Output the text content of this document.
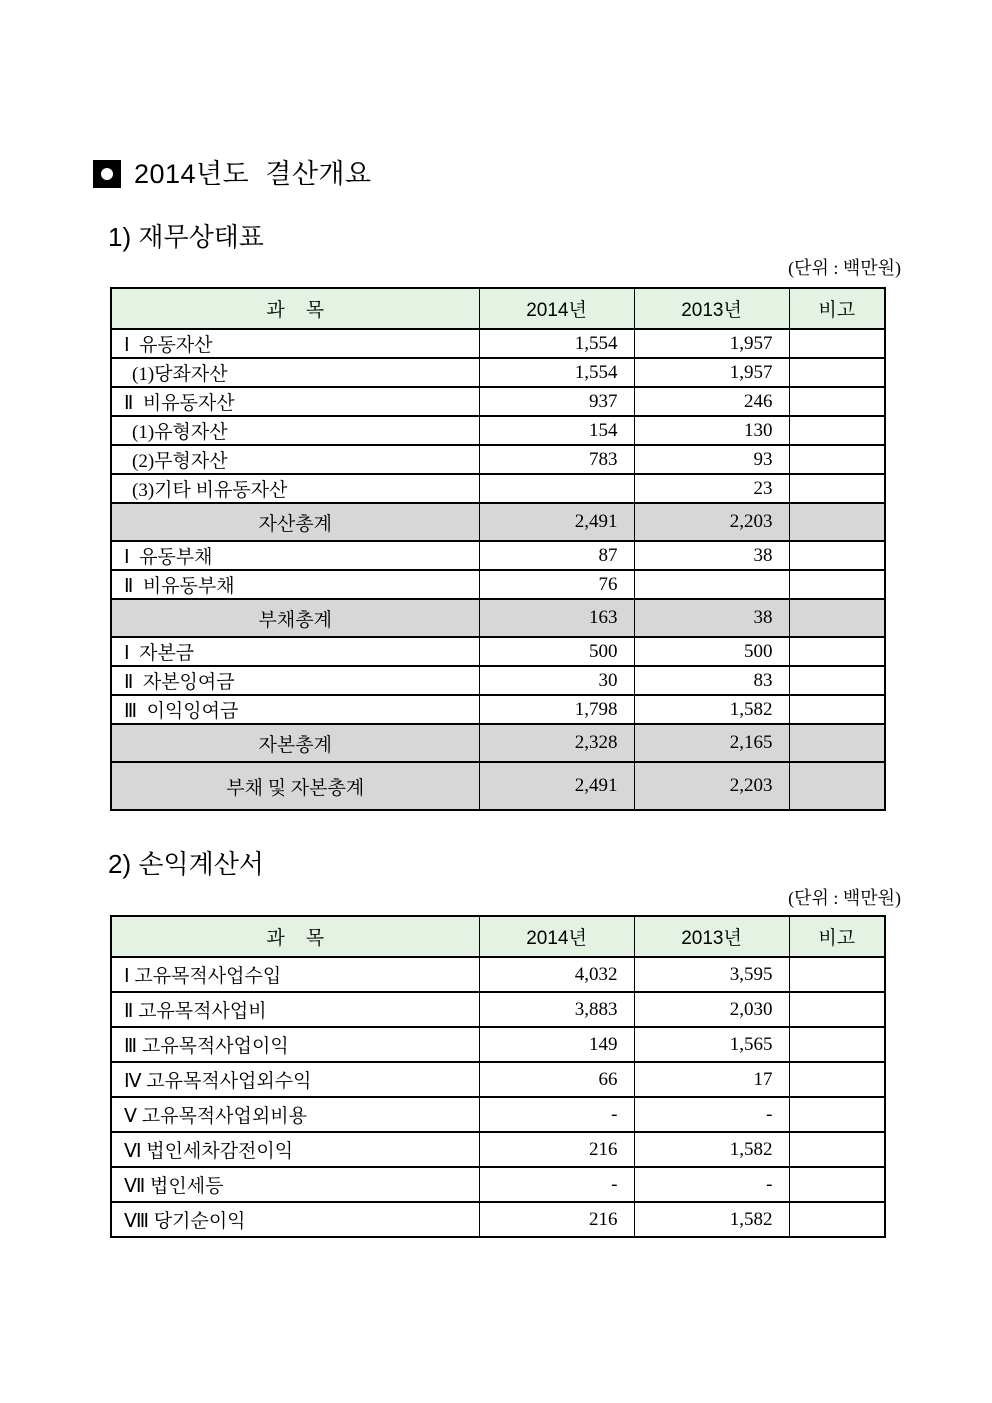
2014년도  결산개요
1) 재무상태표
(단위 : 백만원)
과    목	2014년	2013년	비고
Ⅰ  유동자산	1,554	1,957	
(1)당좌자산	1,554	1,957	
Ⅱ  비유동자산	937	246	
(1)유형자산	154	130	
(2)무형자산	783	93	
(3)기타 비유동자산		23	
자산총계	2,491	2,203	
Ⅰ  유동부채	87	38	
Ⅱ  비유동부채	76		
부채총계	163	38	
Ⅰ  자본금	500	500	
Ⅱ  자본잉여금	30	83	
Ⅲ  이익잉여금	1,798	1,582	
자본총계	2,328	2,165	
부채 및 자본총계	2,491	2,203	
2) 손익계산서
(단위 : 백만원)
과    목	2014년	2013년	비고
Ⅰ 고유목적사업수입	4,032	3,595	
Ⅱ 고유목적사업비	3,883	2,030	
Ⅲ 고유목적사업이익	149	1,565	
Ⅳ 고유목적사업외수익	66	17	
Ⅴ 고유목적사업외비용	-	-	
Ⅵ 법인세차감전이익	216	1,582	
Ⅶ 법인세등	-	-	
Ⅷ 당기순이익	216	1,582	
